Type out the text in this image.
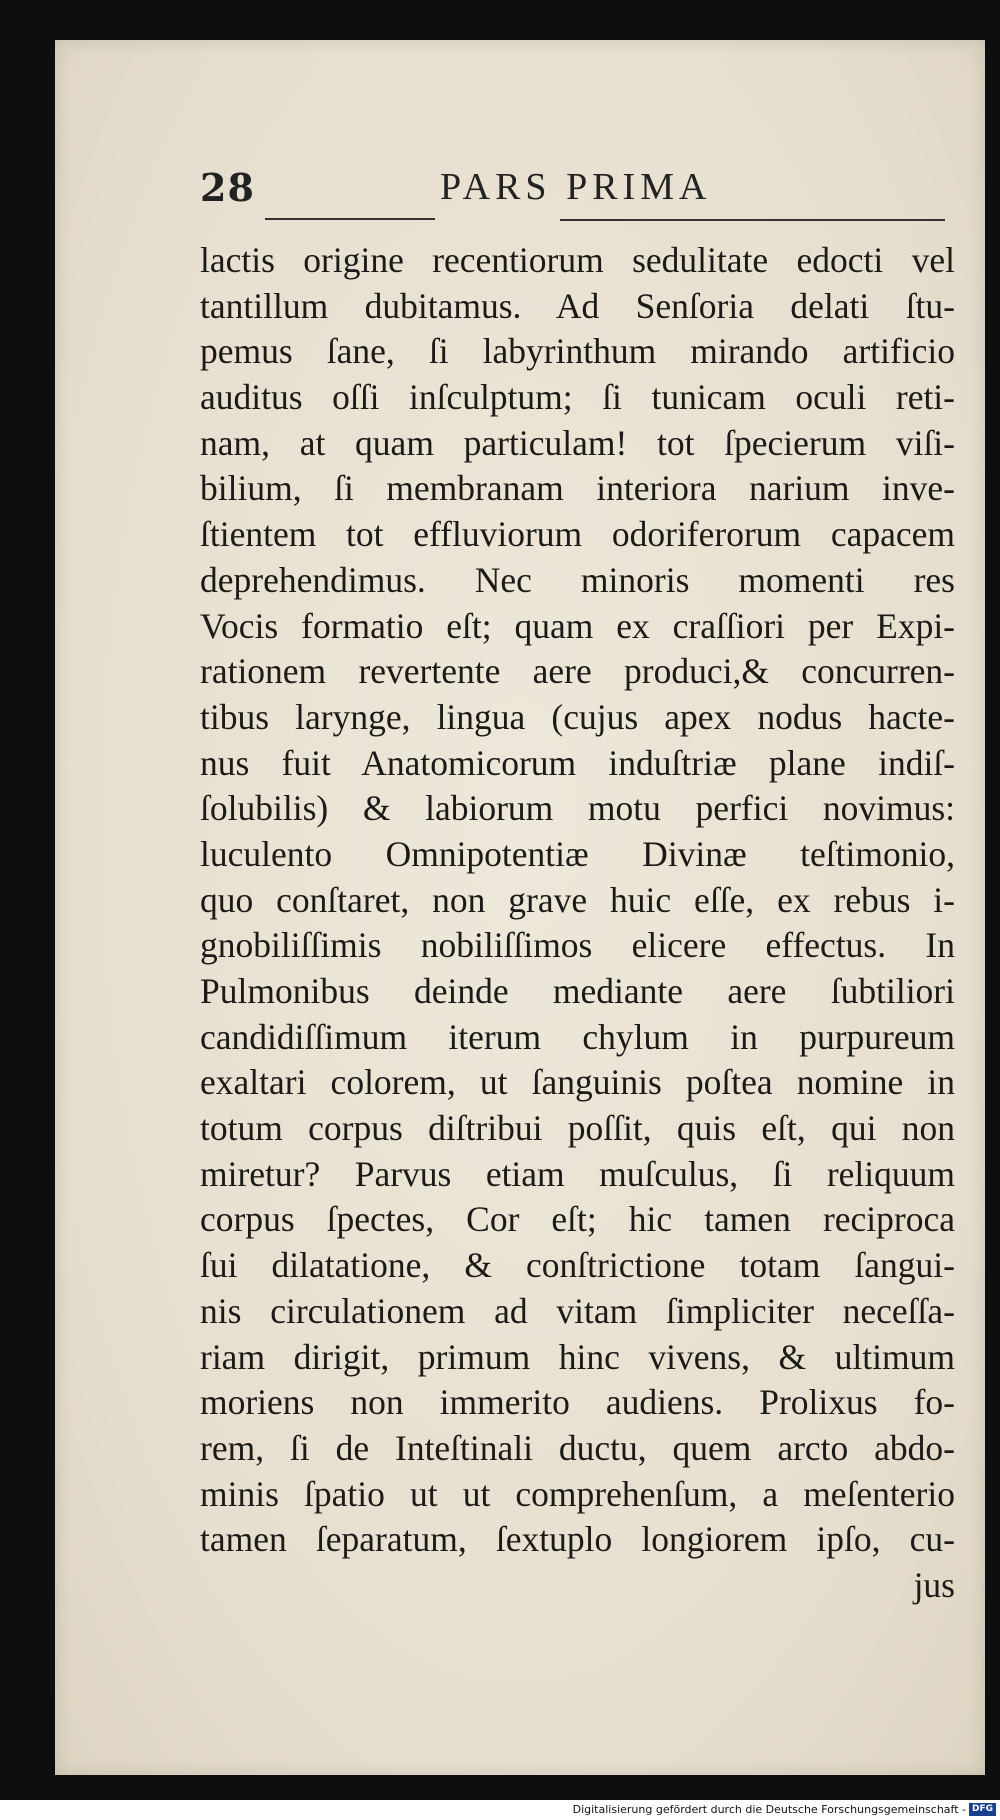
28	PARS PRIMA
lactis origine recentiorum sedulitate edocti vel
tantillum dubitamus. Ad Senſoria delati ſtu-
pemus ſane, ſi labyrinthum mirando artificio
auditus oſſi inſculptum; ſi tunicam oculi reti-
nam, at quam particulam! tot ſpecierum viſi-
bilium, ſi membranam interiora narium inve-
ſtientem tot effluviorum odoriferorum capacem
deprehendimus. Nec minoris momenti res
Vocis formatio eſt; quam ex craſſiori per Expi-
rationem revertente aere produci,& concurren-
tibus larynge, lingua (cujus apex nodus hacte-
nus fuit Anatomicorum induſtriæ plane indiſ-
ſolubilis) & labiorum motu perfici novimus:
luculento Omnipotentiæ Divinæ teſtimonio,
quo conſtaret, non grave huic eſſe, ex rebus i-
gnobiliſſimis nobiliſſimos elicere effectus. In
Pulmonibus deinde mediante aere ſubtiliori
candidiſſimum iterum chylum in purpureum
exaltari colorem, ut ſanguinis poſtea nomine in
totum corpus diſtribui poſſit, quis eſt, qui non
miretur? Parvus etiam muſculus, ſi reliquum
corpus ſpectes, Cor eſt; hic tamen reciproca
ſui dilatatione, & conſtrictione totam ſangui-
nis circulationem ad vitam ſimpliciter neceſſa-
riam dirigit, primum hinc vivens, & ultimum
moriens non immerito audiens. Prolixus fo-
rem, ſi de Inteſtinali ductu, quem arcto abdo-
minis ſpatio ut ut comprehenſum, a meſenterio
tamen ſeparatum, ſextuplo longiorem ipſo, cu-
jus
Digitalisierung gefördert durch die Deutsche Forschungsgemeinschaft - DFG
